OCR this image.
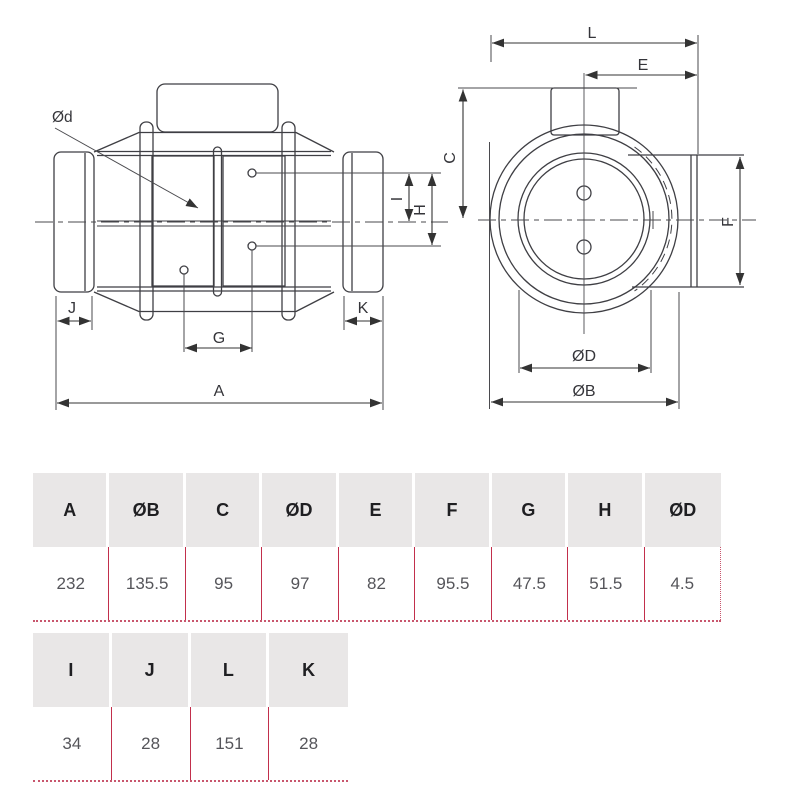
Ød
J	K
G
A
I
H
L
E
C
F
ØD
ØB
A	ØB	C	ØD	E	F	G	H	ØD
232	135.5	95	97	82	95.5	47.5	51.5	4.5
I	J	L	K
34	28	151	28
